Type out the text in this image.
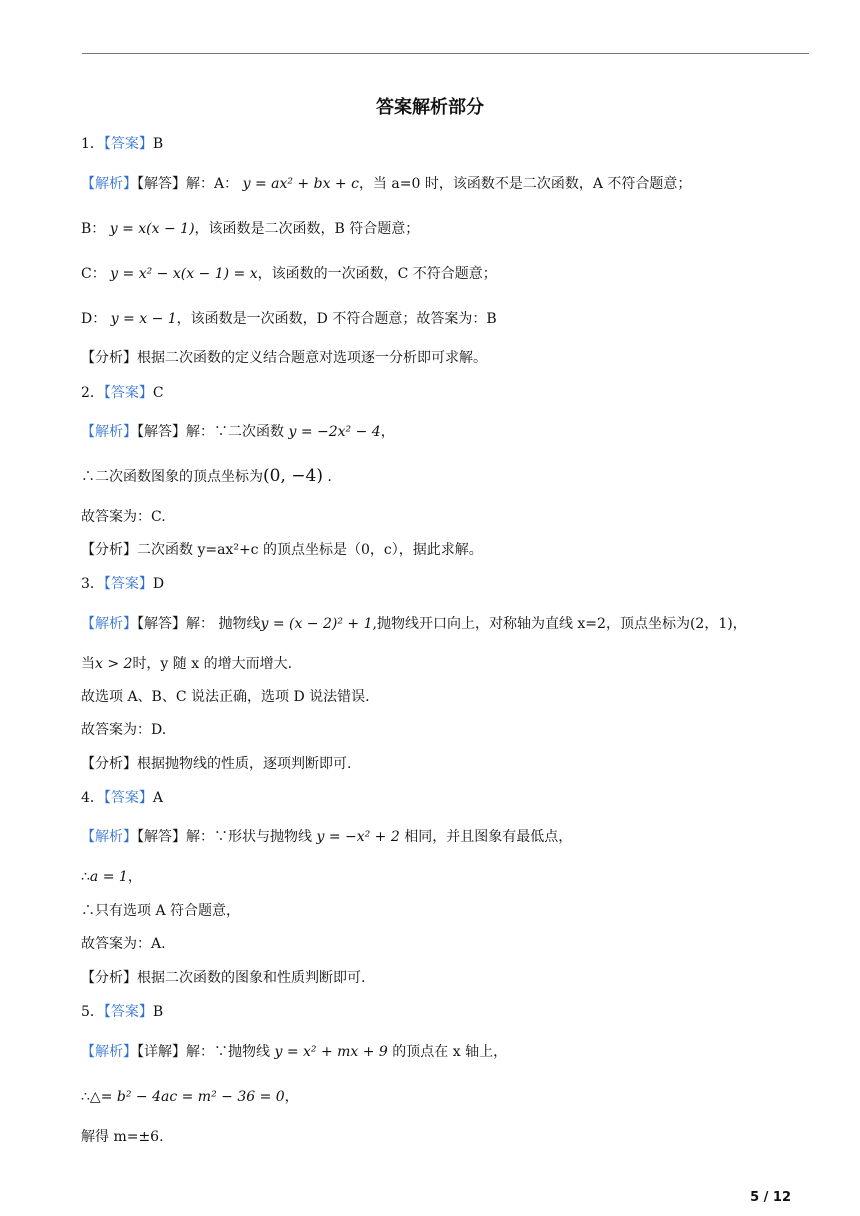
答案解析部分
1．【答案】B
【解析】【解答】解：A： y = ax² + bx + c，当 a=0 时，该函数不是二次函数，A 不符合题意；
B： y = x(x − 1)，该函数是二次函数，B 符合题意；
C： y = x² − x(x − 1) = x，该函数的一次函数，C 不符合题意；
D： y = x − 1，该函数是一次函数，D 不符合题意；故答案为：B
【分析】根据二次函数的定义结合题意对选项逐一分析即可求解。
2．【答案】C
【解析】【解答】解：∵二次函数 y = −2x² − 4，
∴二次函数图象的顶点坐标为(0, −4) .
故答案为：C.
【分析】二次函数 y=ax²+c 的顶点坐标是（0，c），据此求解。
3．【答案】D
【解析】【解答】解： 抛物线y = (x − 2)² + 1,抛物线开口向上，对称轴为直线 x=2，顶点坐标为(2，1)，
当x > 2时，y 随 x 的增大而增大.
故选项 A、B、C 说法正确，选项 D 说法错误.
故答案为：D.
【分析】根据抛物线的性质，逐项判断即可.
4．【答案】A
【解析】【解答】解：∵形状与抛物线 y = −x² + 2 相同，并且图象有最低点，
∴a = 1，
∴只有选项 A 符合题意，
故答案为：A.
【分析】根据二次函数的图象和性质判断即可.
5．【答案】B
【解析】【详解】解：∵抛物线 y = x² + mx + 9 的顶点在 x 轴上，
∴△= b² − 4ac = m² − 36 = 0，
解得 m=±6.
5 / 12
